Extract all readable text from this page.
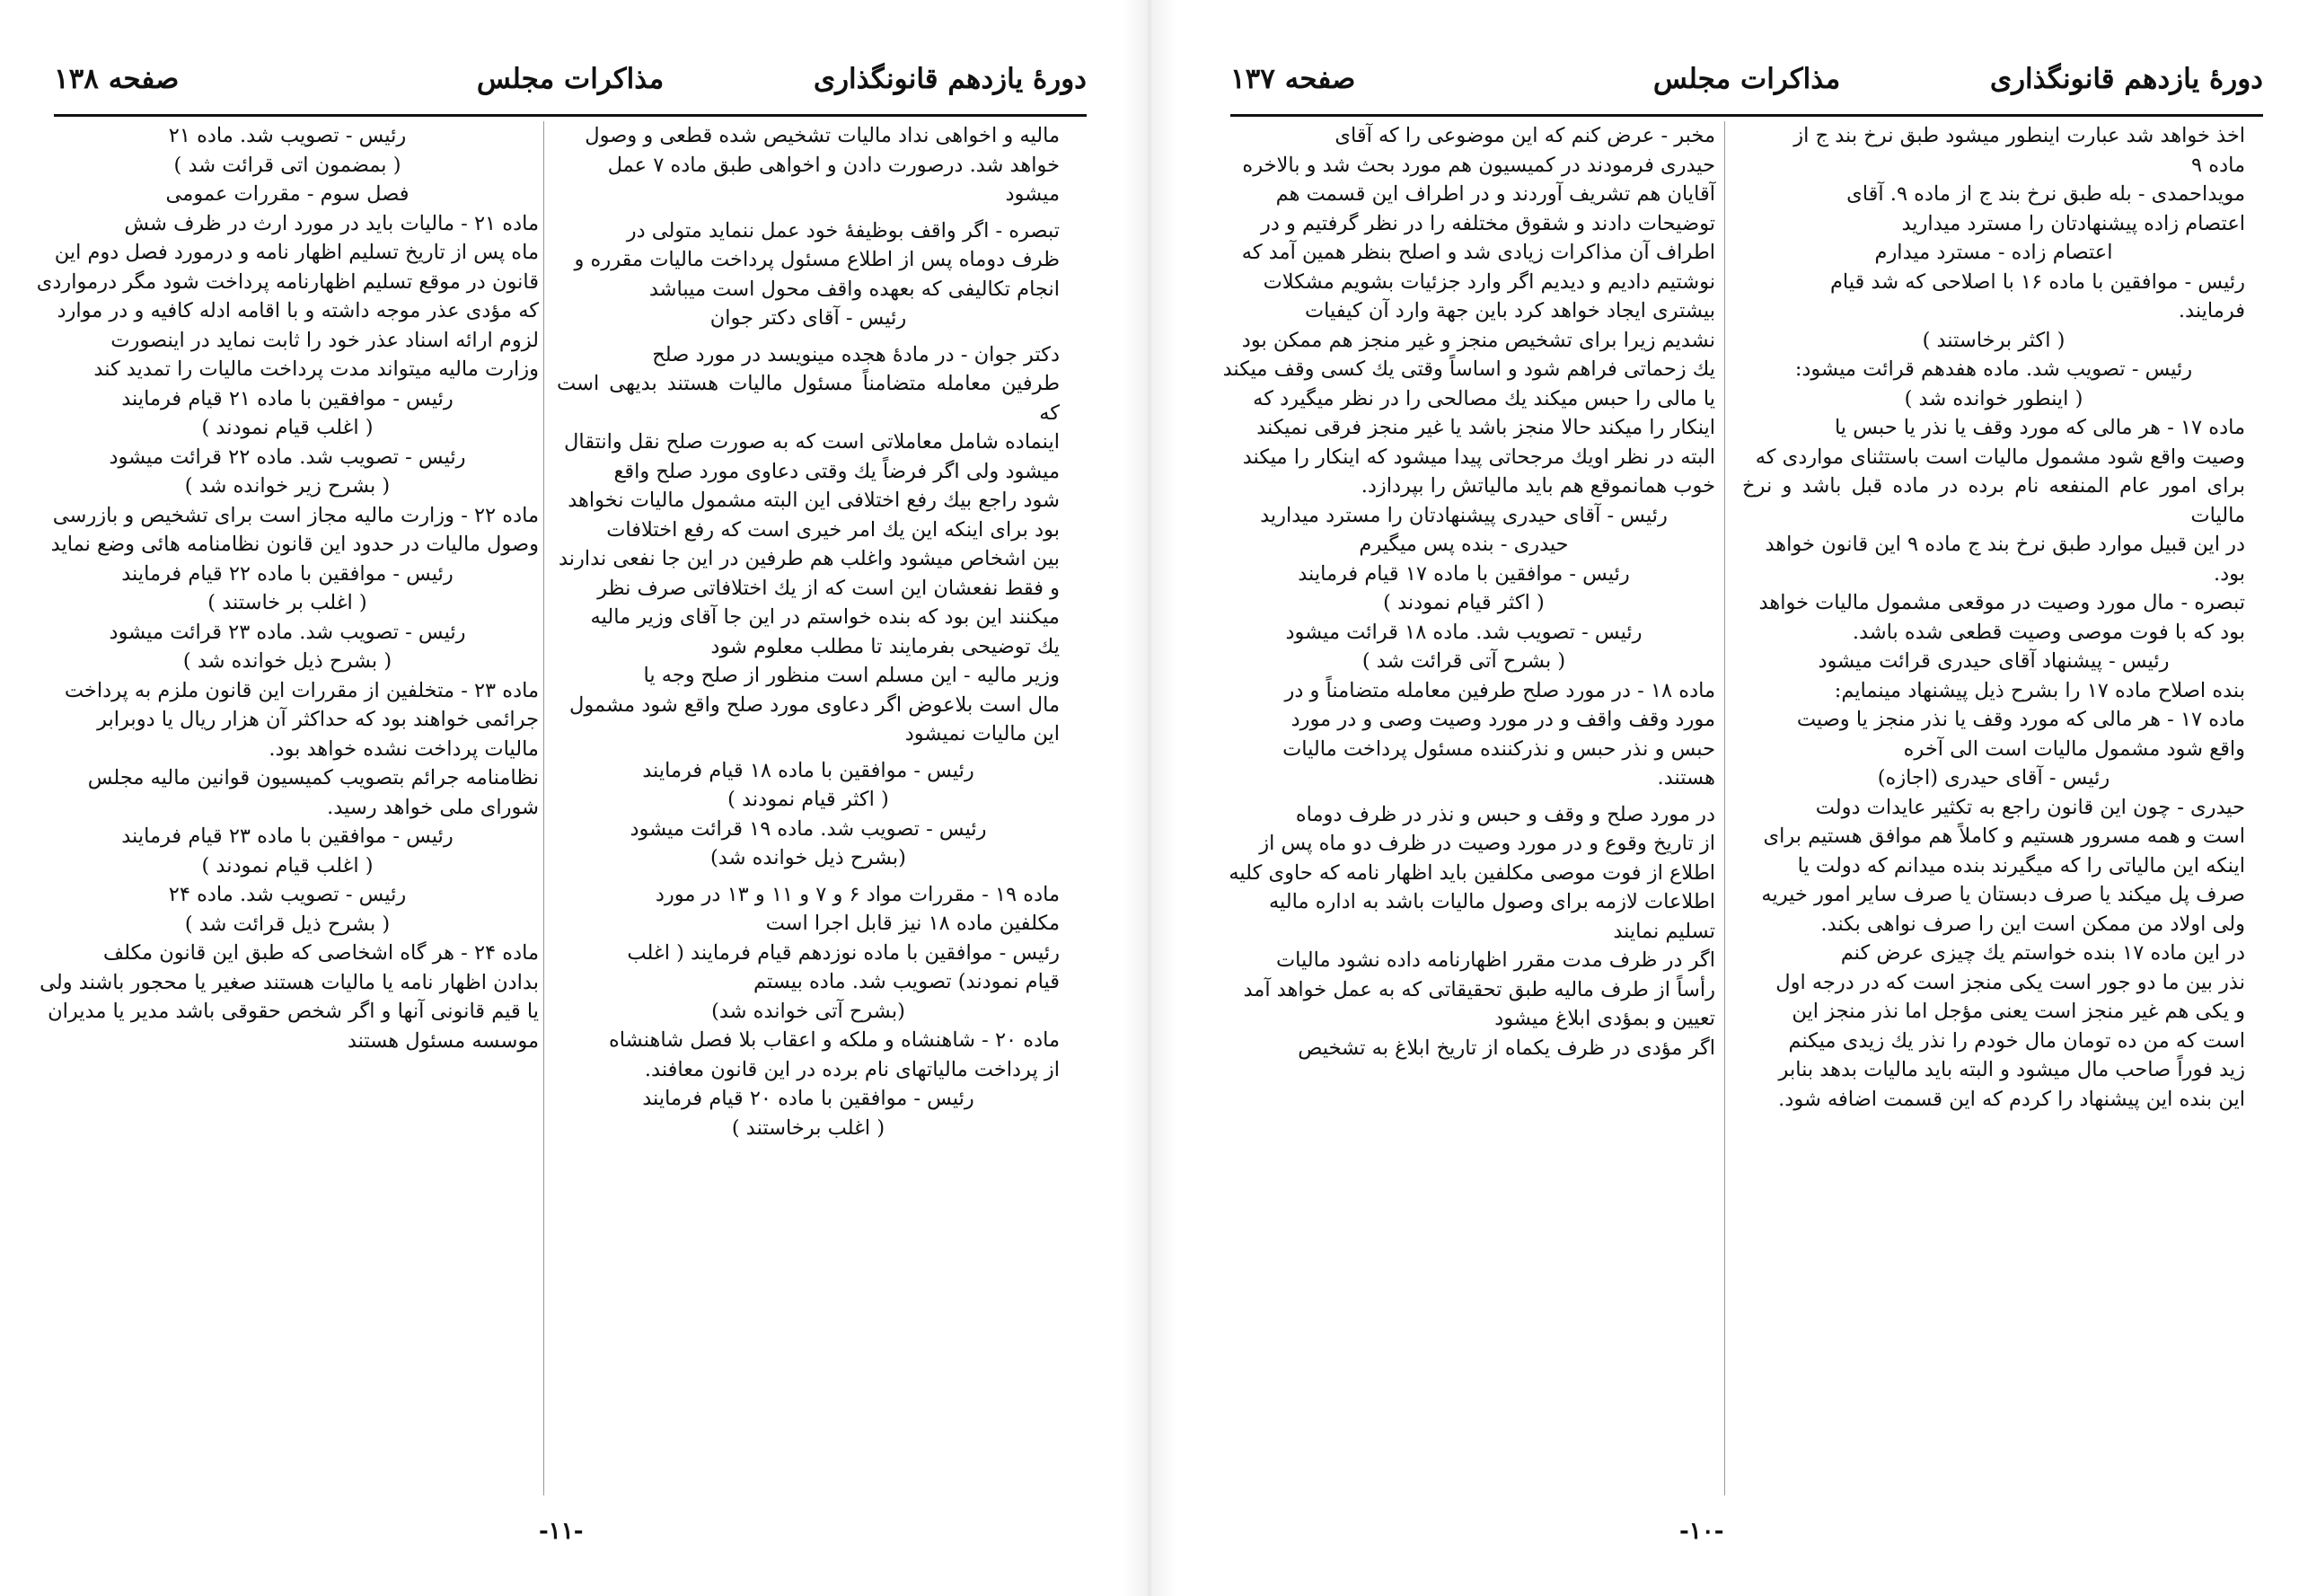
دورهٔ یازدهم قانونگذاری
مذاکرات مجلس
صفحه ۱۳۸

مالیه و اخواهی نداد مالیات تشخیص شده قطعی و وصول

خواهد شد. درصورت دادن و اخواهی طبق ماده ۷ عمل

میشود

تبصره - اگر واقف بوظیفهٔ خود عمل ننماید متولی در

ظرف دوماه پس از اطلاع مسئول پرداخت مالیات مقرره و

انجام تکالیفی که بعهده واقف محول است میباشد

رئیس - آقای دکتر جوان

دکتر جوان - در مادهٔ هجده مینویسد در مورد صلح

طرفین معامله متضامناً مسئول مالیات هستند بدیهی است که

اینماده شامل معاملاتی است که به صورت صلح نقل وانتقال

میشود ولی اگر فرضاً یك وقتی دعاوی مورد صلح واقع

شود راجع بیك رفع اختلافی این البته مشمول مالیات نخواهد

بود برای اینکه این یك امر خیری است که رفع اختلافات

بین اشخاص میشود واغلب هم طرفین در این جا نفعی ندارند

و فقط نفعشان این است که از یك اختلافاتی صرف نظر

میکنند این بود که بنده خواستم در این جا آقای وزیر مالیه

یك توضیحی بفرمایند تا مطلب معلوم شود

وزیر مالیه - این مسلم است منظور از صلح وجه یا

مال است بلاعوض اگر دعاوی مورد صلح واقع شود مشمول

این مالیات نمیشود

رئیس - موافقین با ماده ۱۸ قیام فرمایند

( اکثر قیام نمودند )

رئیس - تصویب شد. ماده ۱۹ قرائت میشود

(بشرح ذیل خوانده شد)

ماده ۱۹ - مقررات مواد ۶ و ۷ و ۱۱ و ۱۳ در مورد

مکلفین ماده ۱۸ نیز قابل اجرا است

رئیس - موافقین با ماده نوزدهم قیام فرمایند ( اغلب

قیام نمودند) تصویب شد. ماده بیستم

(بشرح آتی خوانده شد)

ماده ۲۰ - شاهنشاه و ملکه و اعقاب بلا فصل شاهنشاه

از پرداخت مالیاتهای نام برده در این قانون معافند.

رئیس - موافقین با ماده ۲۰ قیام فرمایند

( اغلب برخاستند )

رئیس - تصویب شد. ماده ۲۱

( بمضمون اتی قرائت شد )

فصل سوم - مقررات عمومی

ماده ۲۱ - مالیات باید در مورد ارث در ظرف شش

ماه پس از تاریخ تسلیم اظهار نامه و درمورد فصل دوم این

قانون در موقع تسلیم اظهارنامه پرداخت شود مگر درمواردی

که مؤدی عذر موجه داشته و با اقامه ادله کافیه و در موارد

لزوم ارائه اسناد عذر خود را ثابت نماید در اینصورت

وزارت مالیه میتواند مدت پرداخت مالیات را تمدید کند

رئیس - موافقین با ماده ۲۱ قیام فرمایند

( اغلب قیام نمودند )

رئیس - تصویب شد. ماده ۲۲ قرائت میشود

( بشرح زیر خوانده شد )

ماده ۲۲ - وزارت مالیه مجاز است برای تشخیص و بازرسی

وصول مالیات در حدود این قانون نظامنامه هائی وضع نماید

رئیس - موافقین با ماده ۲۲ قیام فرمایند

( اغلب بر خاستند )

رئیس - تصویب شد. ماده ۲۳ قرائت میشود

( بشرح ذیل خوانده شد )

ماده ۲۳ - متخلفین از مقررات این قانون ملزم به پرداخت

جرائمی خواهند بود که حداکثر آن هزار ریال یا دوبرابر

مالیات پرداخت نشده خواهد بود.

نظامنامه جرائم بتصویب کمیسیون قوانین مالیه مجلس

شورای ملی خواهد رسید.

رئیس - موافقین با ماده ۲۳ قیام فرمایند

( اغلب قیام نمودند )

رئیس - تصویب شد. ماده ۲۴

( بشرح ذیل قرائت شد )

ماده ۲۴ - هر گاه اشخاصی که طبق این قانون مکلف

بدادن اظهار نامه یا مالیات هستند صغیر یا محجور باشند ولی

یا قیم قانونی آنها و اگر شخص حقوقی باشد مدیر یا مدیران

موسسه مسئول هستند

-۱۱-
دورهٔ یازدهم قانونگذاری
مذاکرات مجلس
صفحه ۱۳۷

اخذ خواهد شد عبارت اینطور میشود طبق نرخ بند ج از

ماده ۹

مویداحمدی - بله طبق نرخ بند ج از ماده ۹. آقای

اعتصام زاده پیشنهادتان را مسترد میدارید

اعتصام زاده - مسترد میدارم

رئیس - موافقین با ماده ۱۶ با اصلاحی که شد قیام

فرمایند.

( اکثر برخاستند )

رئیس - تصویب شد. ماده هفدهم قرائت میشود:

( اینطور خوانده شد )

ماده ۱۷ - هر مالی که مورد وقف یا نذر یا حبس یا

وصیت واقع شود مشمول مالیات است باستثنای مواردی که

برای امور عام المنفعه نام برده در ماده قبل باشد و نرخ مالیات

در این قبیل موارد طبق نرخ بند ج ماده ۹ این قانون خواهد

بود.

تبصره - مال مورد وصیت در موقعی مشمول مالیات خواهد

بود که با فوت موصی وصیت قطعی شده باشد.

رئیس - پیشنهاد آقای حیدری قرائت میشود

بنده اصلاح ماده ۱۷ را بشرح ذیل پیشنهاد مینمایم:

ماده ۱۷ - هر مالی که مورد وقف یا نذر منجز یا وصیت

واقع شود مشمول مالیات است الی آخره

رئیس - آقای حیدری (اجازه)

حیدری - چون این قانون راجع به تکثیر عایدات دولت

است و همه مسرور هستیم و کاملاً هم موافق هستیم برای

اینکه این مالیاتی را که میگیرند بنده میدانم که دولت یا

صرف پل میکند یا صرف دبستان یا صرف سایر امور خیریه

ولی اولاد من ممکن است این را صرف نواهی بکند.

در این ماده ۱۷ بنده خواستم یك چیزی عرض کنم

نذر بین ما دو جور است یکی منجز است که در درجه اول

و یکی هم غیر منجز است یعنی مؤجل اما نذر منجز این

است که من ده تومان مال خودم را نذر یك زیدی میکنم

زید فوراً صاحب مال میشود و البته باید مالیات بدهد بنابر

این بنده این پیشنهاد را کردم که این قسمت اضافه شود.

مخبر - عرض کنم که این موضوعی را که آقای

حیدری فرمودند در کمیسیون هم مورد بحث شد و بالاخره

آقایان هم تشریف آوردند و در اطراف این قسمت هم

توضیحات دادند و شقوق مختلفه را در نظر گرفتیم و در

اطراف آن مذاکرات زیادی شد و اصلح بنظر همین آمد که

نوشتیم دادیم و دیدیم اگر وارد جزئیات بشویم مشکلات

بیشتری ایجاد خواهد کرد باین جهة وارد آن کیفیات

نشدیم زیرا برای تشخیص منجز و غیر منجز هم ممکن بود

یك زحماتی فراهم شود و اساساً وقتی یك کسی وقف میکند

یا مالی را حبس میکند یك مصالحی را در نظر میگیرد که

اینکار را میکند حالا منجز باشد یا غیر منجز فرقی نمیکند

البته در نظر اویك مرجحاتی پیدا میشود که اینکار را میکند

خوب همانموقع هم باید مالیاتش را بپردازد.

رئیس - آقای حیدری پیشنهادتان را مسترد میدارید

حیدری - بنده پس میگیرم

رئیس - موافقین با ماده ۱۷ قیام فرمایند

( اکثر قیام نمودند )

رئیس - تصویب شد. ماده ۱۸ قرائت میشود

( بشرح آتی قرائت شد )

ماده ۱۸ - در مورد صلح طرفین معامله متضامناً و در

مورد وقف واقف و در مورد وصیت وصی و در مورد

حبس و نذر حبس و نذرکننده مسئول پرداخت مالیات

هستند.

در مورد صلح و وقف و حبس و نذر در ظرف دوماه

از تاریخ وقوع و در مورد وصیت در ظرف دو ماه پس از

اطلاع از فوت موصی مکلفین باید اظهار نامه که حاوی کلیه

اطلاعات لازمه برای وصول مالیات باشد به اداره مالیه

تسلیم نمایند

اگر در ظرف مدت مقرر اظهارنامه داده نشود مالیات

رأساً از طرف مالیه طبق تحقیقاتی که به عمل خواهد آمد

تعیین و بمؤدی ابلاغ میشود

اگر مؤدی در ظرف یکماه از تاریخ ابلاغ به تشخیص

-۱۰-
